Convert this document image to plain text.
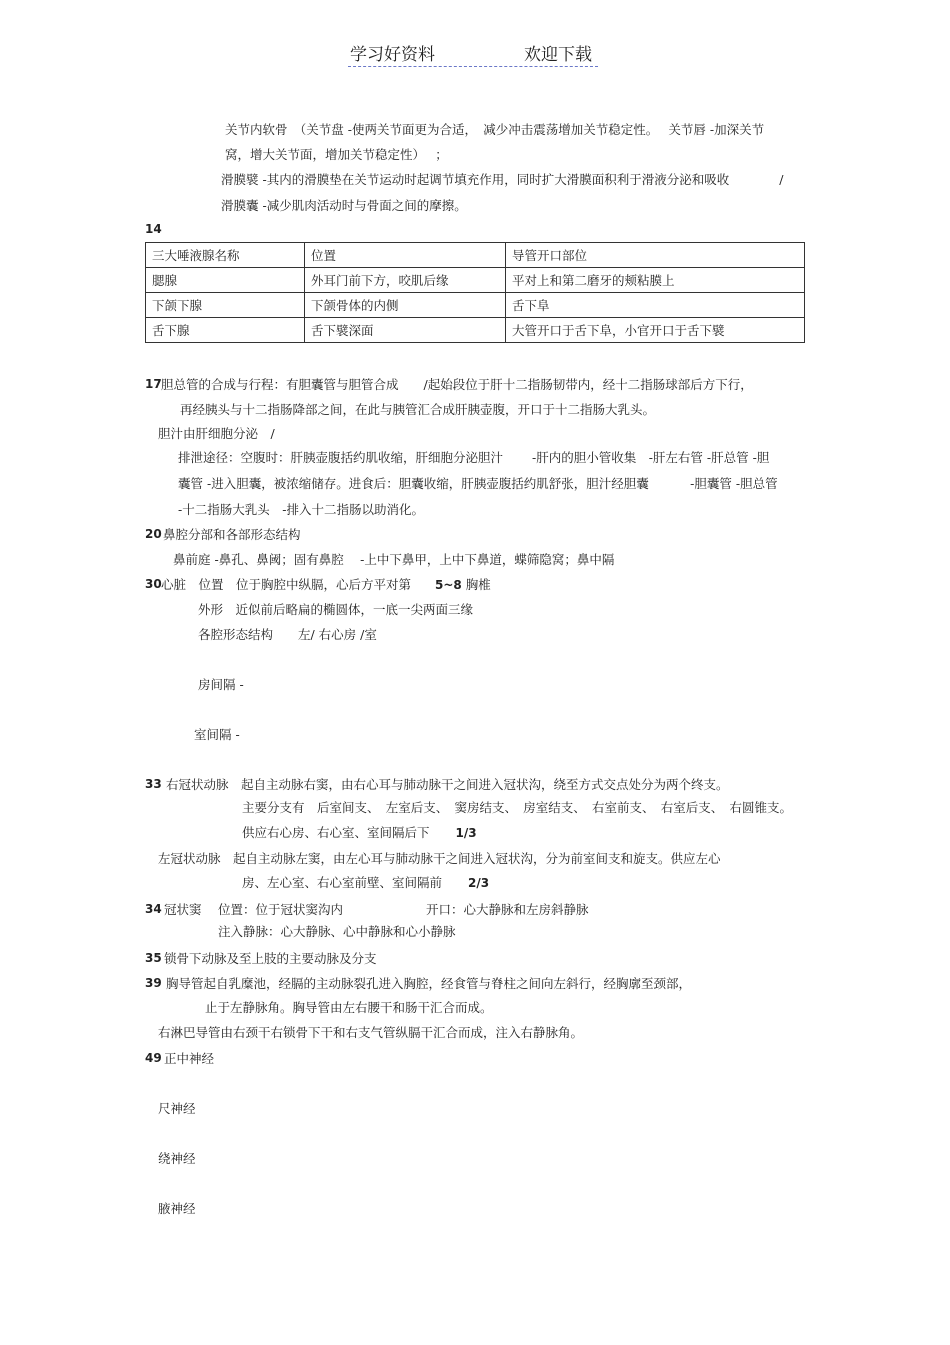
学习好资料	欢迎下载
关节内软骨　（关节盘 -使两关节面更为合适，　减少冲击震荡增加关节稳定性。　 关节唇 -加深关节
窝，增大关节面，增加关节稳定性）　 ；
滑膜襞 -其内的滑膜垫在关节运动时起调节填充作用，同时扩大滑膜面积利于滑液分泌和吸收　　　　/
滑膜囊 -减少肌肉活动时与骨面之间的摩擦。
14
三大唾液腺名称	位置	导管开口部位
腮腺	外耳门前下方，咬肌后缘	平对上和第二磨牙的颊粘膜上
下颌下腺	下颌骨体的内侧	舌下阜
舌下腺	舌下襞深面	大管开口于舌下阜，小官开口于舌下襞
17 胆总管的合成与行程：有胆囊管与胆管合成　　/起始段位于肝十二指肠韧带内，经十二指肠球部后方下行，
再经胰头与十二指肠降部之间，在此与胰管汇合成肝胰壶腹，开口于十二指肠大乳头。
胆汁由肝细胞分泌　/
排泄途径：空腹时：肝胰壶腹括约肌收缩，肝细胞分泌胆汁　　 -肝内的胆小管收集　-肝左右管 -肝总管 -胆
囊管 -进入胆囊，被浓缩储存。进食后：胆囊收缩，肝胰壶腹括约肌舒张，胆汁经胆囊　　　 -胆囊管 -胆总管
-十二指肠大乳头　-排入十二指肠以助消化。
20 鼻腔分部和各部形态结构
鼻前庭 -鼻孔、鼻阈；固有鼻腔　 -上中下鼻甲，上中下鼻道，蝶筛隐窝；鼻中隔
30 心脏　位置　位于胸腔中纵膈，心后方平对第 5~8 胸椎
外形　近似前后略扁的椭圆体，一底一尖两面三缘
各腔形态结构　　左/ 右心房 /室
房间隔 -
室间隔 -
33 右冠状动脉　起自主动脉右窦，由右心耳与肺动脉干之间进入冠状沟，绕至方式交点处分为两个终支。
主要分支有　后室间支、　左室后支、　窦房结支、　房室结支、　右室前支、　右室后支、　右圆锥支。
供应右心房、右心室、室间隔后下 1/3
左冠状动脉　起自主动脉左窦，由左心耳与肺动脉干之间进入冠状沟，分为前室间支和旋支。供应左心
房、左心室、右心室前壁、室间隔前 2/3
34 冠状窦　 位置：位于冠状窦沟内	开口：心大静脉和左房斜静脉
注入静脉：心大静脉、心中静脉和心小静脉
35 锁骨下动脉及至上肢的主要动脉及分支
39 胸导管起自乳糜池，经膈的主动脉裂孔进入胸腔，经食管与脊柱之间向左斜行，经胸廓至颈部，
止于左静脉角。胸导管由左右腰干和肠干汇合而成。
右淋巴导管由右颈干右锁骨下干和右支气管纵膈干汇合而成，注入右静脉角。
49 正中神经
尺神经
绕神经
腋神经
